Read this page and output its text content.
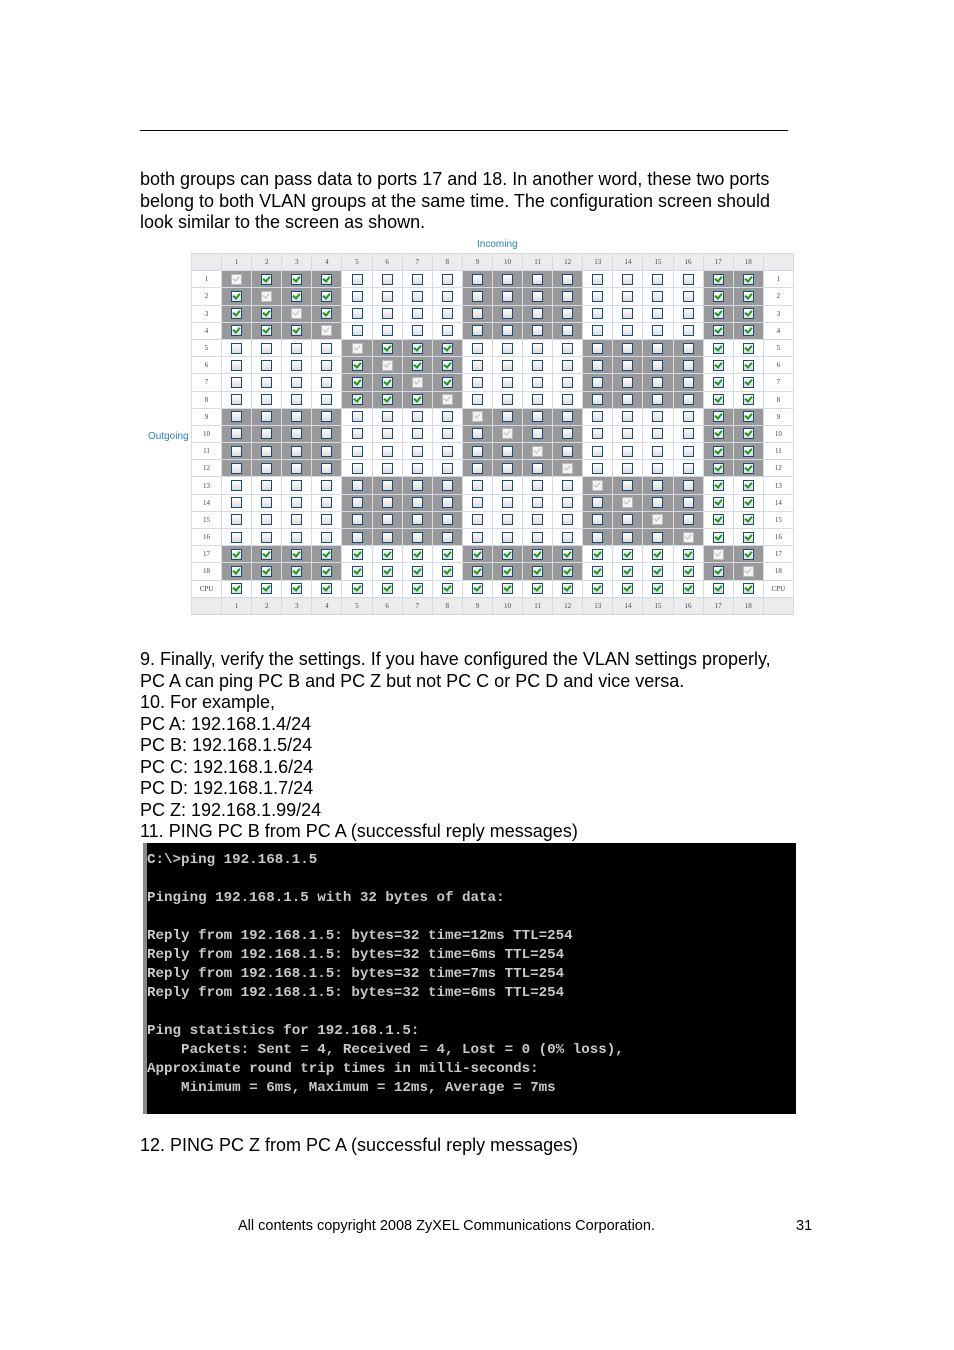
both groups can pass data to ports 17 and 18. In another word, these two ports
belong to both VLAN groups at the same time. The configuration screen should
look similar to the screen as shown.
Incoming
Outgoing
	1	2	3	4	5	6	7	8	9	10	11	12	13	14	15	16	17	18	
1																			1
2																			2
3																			3
4																			4
5																			5
6																			6
7																			7
8																			8
9																			9
10																			10
11																			11
12																			12
13																			13
14																			14
15																			15
16																			16
17																			17
18																			18
CPU																			CPU
	1	2	3	4	5	6	7	8	9	10	11	12	13	14	15	16	17	18	
9. Finally, verify the settings. If you have configured the VLAN settings properly,
PC A can ping PC B and PC Z but not PC C or PC D and vice versa.
10. For example,
PC A: 192.168.1.4/24
PC B: 192.168.1.5/24
PC C: 192.168.1.6/24
PC D: 192.168.1.7/24
PC Z: 192.168.1.99/24
11. PING PC B from PC A (successful reply messages)
C:\>ping 192.168.1.5

Pinging 192.168.1.5 with 32 bytes of data:

Reply from 192.168.1.5: bytes=32 time=12ms TTL=254
Reply from 192.168.1.5: bytes=32 time=6ms TTL=254
Reply from 192.168.1.5: bytes=32 time=7ms TTL=254
Reply from 192.168.1.5: bytes=32 time=6ms TTL=254

Ping statistics for 192.168.1.5:
Packets: Sent = 4, Received = 4, Lost = 0 (0% loss),
Approximate round trip times in milli-seconds:
Minimum = 6ms, Maximum = 12ms, Average = 7ms
12. PING PC Z from PC A (successful reply messages)
All contents copyright 2008 ZyXEL Communications Corporation.	31
